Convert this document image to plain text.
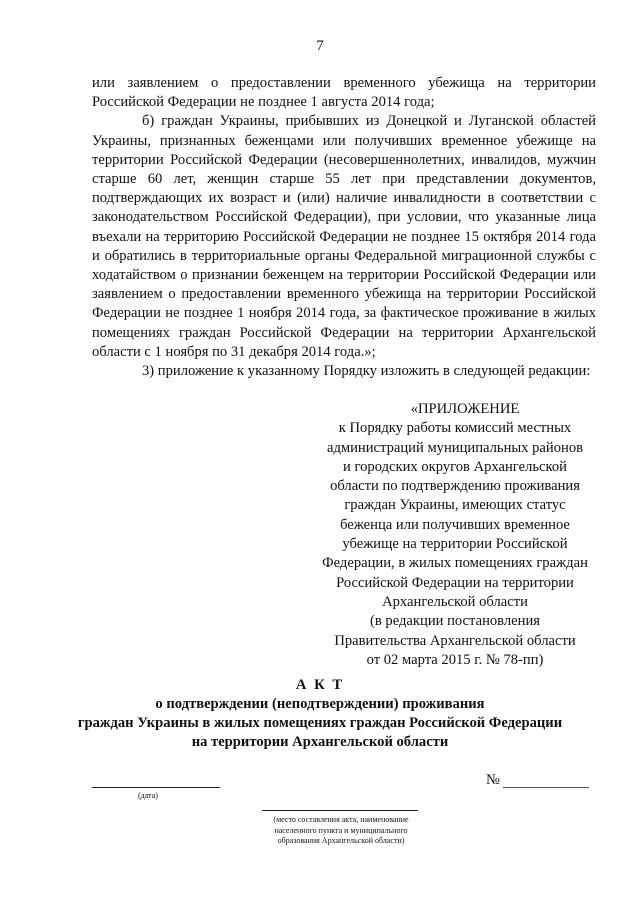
7

или заявлением о предоставлении временного убежища на территории Российской Федерации не позднее 1 августа 2014 года;

б) граждан Украины, прибывших из Донецкой и Луганской областей Украины, признанных беженцами или получивших временное убежище на территории Российской Федерации (несовершеннолетних, инвалидов, мужчин старше 60 лет, женщин старше 55 лет при представлении документов, подтверждающих их возраст и (или) наличие инвалидности в соответствии с законодательством Российской Федерации), при условии, что указанные лица въехали на территорию Российской Федерации не позднее 15 октября 2014 года и обратились в территориальные органы Федеральной миграционной службы с ходатайством о признании беженцем на территории Российской Федерации или заявлением о предоставлении временного убежища на территории Российской Федерации не позднее 1 ноября 2014 года, за фактическое проживание в жилых помещениях граждан Российской Федерации на территории Архангельской области с 1 ноября по 31 декабря 2014 года.»;

3) приложение к указанному Порядку изложить в следующей редакции:

«ПРИЛОЖЕНИЕ
к Порядку работы комиссий местных
администраций муниципальных районов
и городских округов Архангельской
области по подтверждению проживания
граждан Украины, имеющих статус
беженца или получивших временное
убежище на территории Российской
Федерации, в жилых помещениях граждан
Российской Федерации на территории
Архангельской области
(в редакции постановления
Правительства Архангельской области
от 02 марта 2015 г. № 78-пп)
А К Т
о подтверждении (неподтверждении) проживания
граждан Украины в жилых помещениях граждан Российской Федерации
на территории Архангельской области
(дата)
№
(место составления акта, наименование
населенного пункта и муниципального
образования Архангельской области)
